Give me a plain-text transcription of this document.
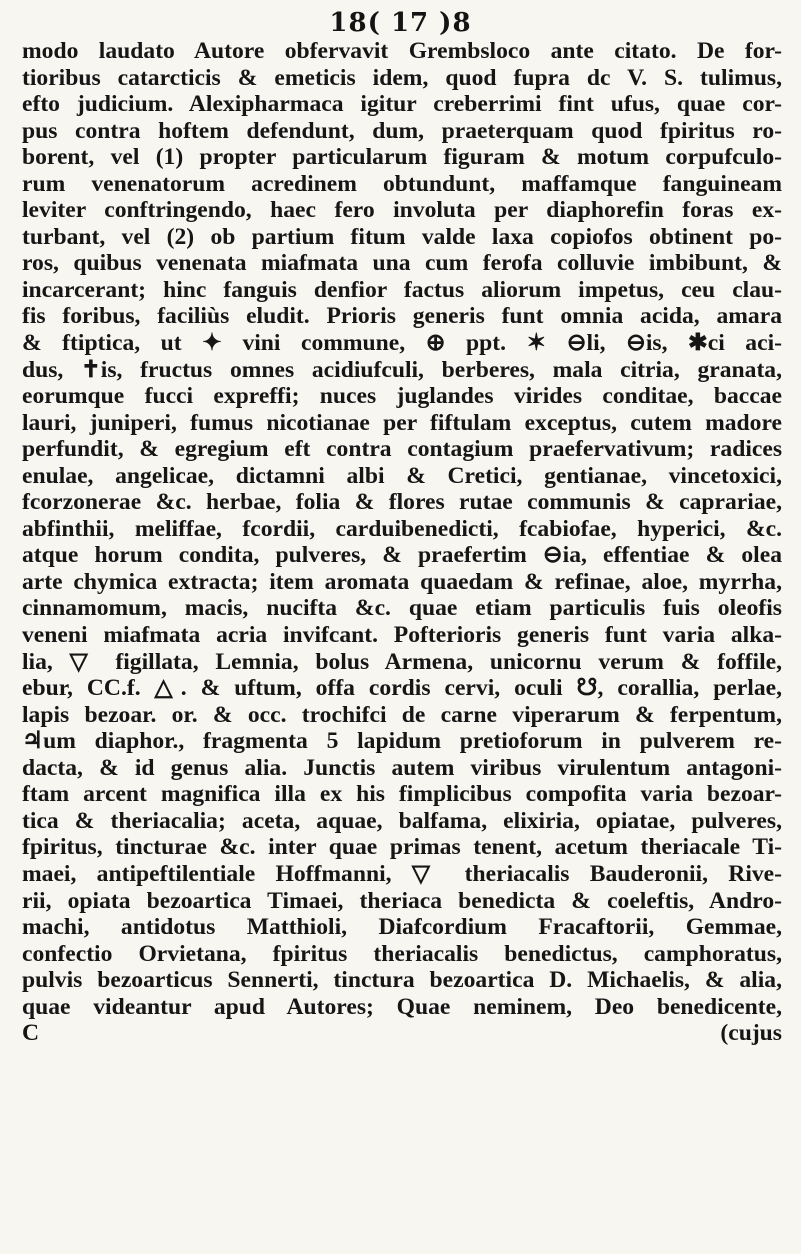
18( 17 )8
modo laudato Autore obfervavit Grembsloco ante citato. De for-
tioribus catarcticis & emeticis idem, quod fupra dc V. S. tulimus,
efto judicium. Alexipharmaca igitur creberrimi fint ufus, quae cor-
pus contra hoftem defendunt, dum, praeterquam quod fpiritus ro-
borent, vel (1) propter particularum figuram & motum corpufculo-
rum venenatorum acredinem obtundunt, maffamque fanguineam
leviter conftringendo, haec fero involuta per diaphorefin foras ex-
turbant, vel (2) ob partium fitum valde laxa copiofos obtinent po-
ros, quibus venenata miafmata una cum ferofa colluvie imbibunt, &
incarcerant; hinc fanguis denfior factus aliorum impetus, ceu clau-
fis foribus, faciliùs eludit. Prioris generis funt omnia acida, amara
& ftiptica, ut ✦ vini commune, ⊕ ppt. ✶ ⊖li, ⊖is, ✱ci aci-
dus, ✝is, fructus omnes acidiufculi, berberes, mala citria, granata,
eorumque fucci expreffi; nuces juglandes virides conditae, baccae
lauri, juniperi, fumus nicotianae per fiftulam exceptus, cutem madore
perfundit, & egregium eft contra contagium praefervativum; radices
enulae, angelicae, dictamni albi & Cretici, gentianae, vincetoxici,
fcorzonerae &c. herbae, folia & flores rutae communis & caprariae,
abfinthii, meliffae, fcordii, carduibenedicti, fcabiofae, hyperici, &c.
atque horum condita, pulveres, & praefertim ⊖ia, effentiae & olea
arte chymica extracta; item aromata quaedam & refinae, aloe, myrrha,
cinnamomum, macis, nucifta &c. quae etiam particulis fuis oleofis
veneni miafmata acria invifcant. Pofterioris generis funt varia alka-
lia, ▽ figillata, Lemnia, bolus Armena, unicornu verum & foffile,
ebur, CC.f. △. & uftum, offa cordis cervi, oculi ☋, corallia, perlae,
lapis bezoar. or. & occ. trochifci de carne viperarum & ferpentum,
♃um diaphor., fragmenta 5 lapidum pretioforum in pulverem re-
dacta, & id genus alia. Junctis autem viribus virulentum antagoni-
ftam arcent magnifica illa ex his fimplicibus compofita varia bezoar-
tica & theriacalia; aceta, aquae, balfama, elixiria, opiatae, pulveres,
fpiritus, tincturae &c. inter quae primas tenent, acetum theriacale Ti-
maei, antipeftilentiale Hoffmanni, ▽ theriacalis Bauderonii, Rive-
rii, opiata bezoartica Timaei, theriaca benedicta & coeleftis, Andro-
machi, antidotus Matthioli, Diafcordium Fracaftorii, Gemmae,
confectio Orvietana, fpiritus theriacalis benedictus, camphoratus,
pulvis bezoarticus Sennerti, tinctura bezoartica D. Michaelis, & alia,
quae videantur apud Autores; Quae neminem, Deo benedicente,
C (cujus
